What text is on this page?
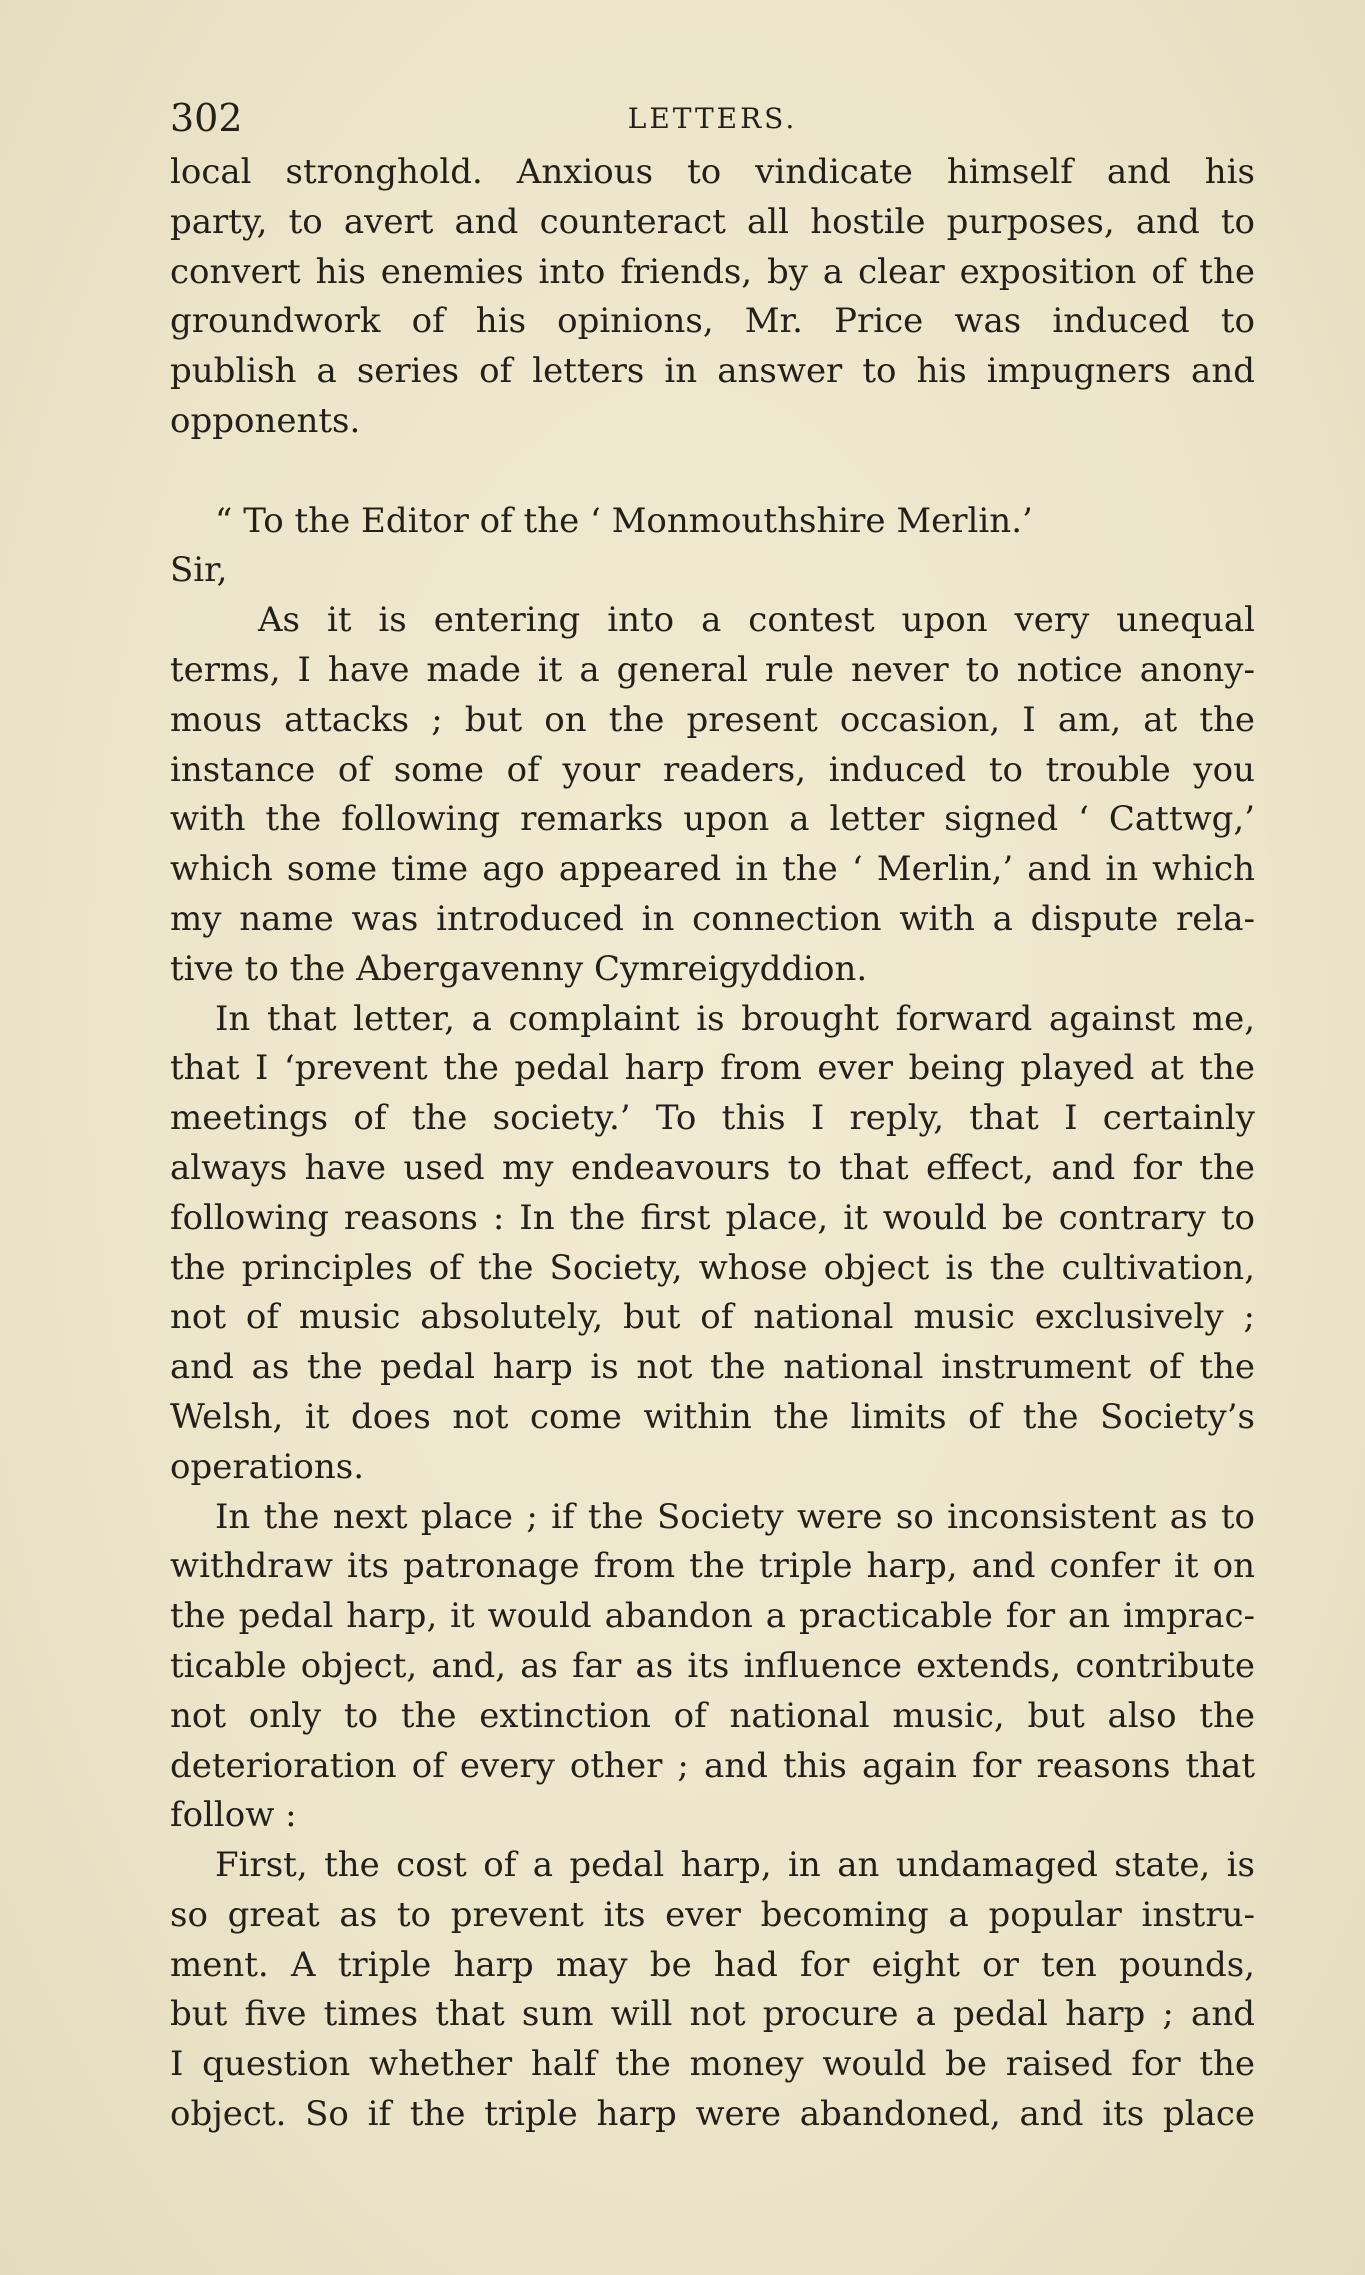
302	LETTERS.
local stronghold. Anxious to vindicate himself and his
party, to avert and counteract all hostile purposes, and to
convert his enemies into friends, by a clear exposition of the
groundwork of his opinions, Mr. Price was induced to
publish a series of letters in answer to his impugners and
opponents.
“ To the Editor of the ‘ Monmouthshire Merlin.’
Sir,
As it is entering into a contest upon very unequal
terms, I have made it a general rule never to notice anony-
mous attacks ; but on the present occasion, I am, at the
instance of some of your readers, induced to trouble you
with the following remarks upon a letter signed ‘ Cattwg,’
which some time ago appeared in the ‘ Merlin,’ and in which
my name was introduced in connection with a dispute rela-
tive to the Abergavenny Cymreigyddion.
In that letter, a complaint is brought forward against me,
that I ‘prevent the pedal harp from ever being played at the
meetings of the society.’ To this I reply, that I certainly
always have used my endeavours to that effect, and for the
following reasons : In the first place, it would be contrary to
the principles of the Society, whose object is the cultivation,
not of music absolutely, but of national music exclusively ;
and as the pedal harp is not the national instrument of the
Welsh, it does not come within the limits of the Society’s
operations.
In the next place ; if the Society were so inconsistent as to
withdraw its patronage from the triple harp, and confer it on
the pedal harp, it would abandon a practicable for an imprac-
ticable object, and, as far as its influence extends, contribute
not only to the extinction of national music, but also the
deterioration of every other ; and this again for reasons that
follow :
First, the cost of a pedal harp, in an undamaged state, is
so great as to prevent its ever becoming a popular instru-
ment. A triple harp may be had for eight or ten pounds,
but five times that sum will not procure a pedal harp ; and
I question whether half the money would be raised for the
object. So if the triple harp were abandoned, and its place
